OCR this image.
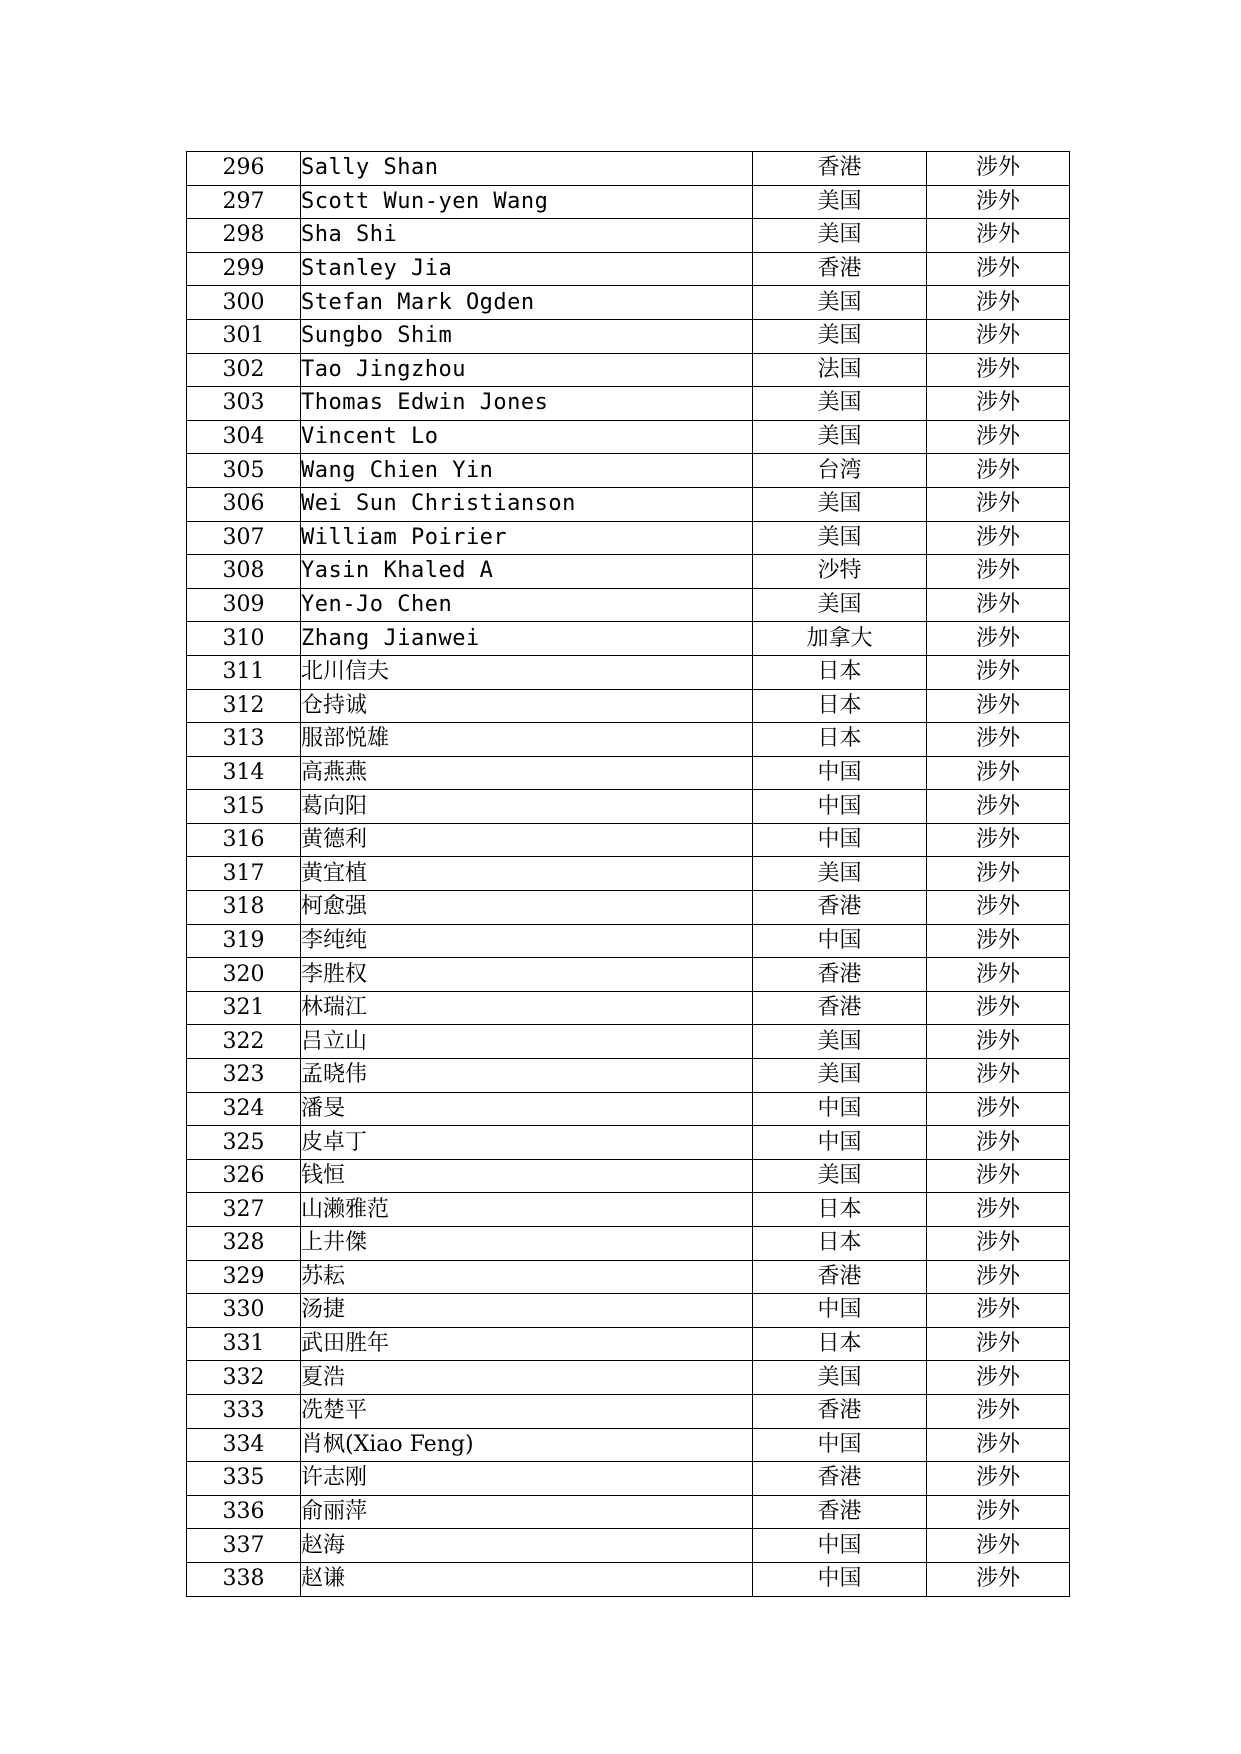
296	Sally Shan	香港	涉外
297	Scott Wun-yen Wang	美国	涉外
298	Sha Shi	美国	涉外
299	Stanley Jia	香港	涉外
300	Stefan Mark Ogden	美国	涉外
301	Sungbo Shim	美国	涉外
302	Tao Jingzhou	法国	涉外
303	Thomas Edwin Jones	美国	涉外
304	Vincent Lo	美国	涉外
305	Wang Chien Yin	台湾	涉外
306	Wei Sun Christianson	美国	涉外
307	William Poirier	美国	涉外
308	Yasin Khaled A	沙特	涉外
309	Yen-Jo Chen	美国	涉外
310	Zhang Jianwei	加拿大	涉外
311	北川信夫	日本	涉外
312	仓持诚	日本	涉外
313	服部悦雄	日本	涉外
314	高燕燕	中国	涉外
315	葛向阳	中国	涉外
316	黄德利	中国	涉外
317	黄宜植	美国	涉外
318	柯愈强	香港	涉外
319	李纯纯	中国	涉外
320	李胜权	香港	涉外
321	林瑞江	香港	涉外
322	吕立山	美国	涉外
323	孟晓伟	美国	涉外
324	潘旻	中国	涉外
325	皮卓丁	中国	涉外
326	钱恒	美国	涉外
327	山濑雅范	日本	涉外
328	上井傑	日本	涉外
329	苏耘	香港	涉外
330	汤捷	中国	涉外
331	武田胜年	日本	涉外
332	夏浩	美国	涉外
333	冼楚平	香港	涉外
334	肖枫(Xiao Feng)	中国	涉外
335	许志刚	香港	涉外
336	俞丽萍	香港	涉外
337	赵海	中国	涉外
338	赵谦	中国	涉外
